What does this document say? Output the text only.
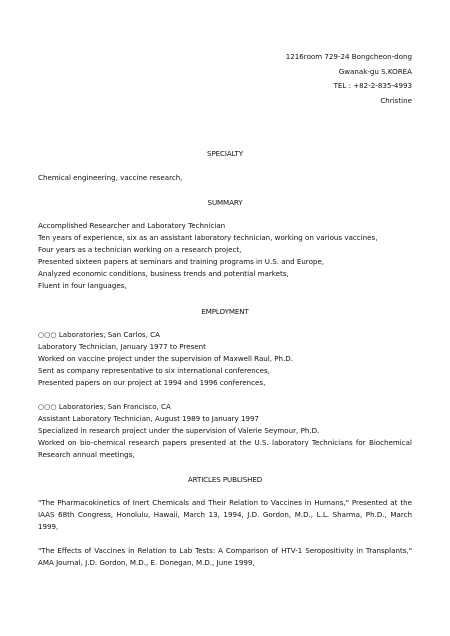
1216room 729-24 Bongcheon-dong
Gwanak-gu S.KOREA
TEL : +82-2-835-4993
Christine
SPECIALTY
Chemical engineering, vaccine research,
SUMMARY
Accomplished Researcher and Laboratory Technician
Ten years of experience, six as an assistant laboratory technician, working on various vaccines,
Four years as a technician working on a research project,
Presented sixteen papers at seminars and training programs in U.S. and Europe,
Analyzed economic conditions, business trends and potential markets,
Fluent in four languages,
EMPLOYMENT
○○○ Laboratories, San Carlos, CA
Laboratory Technician, January 1977 to Present
Worked on vaccine project under the supervision of Maxwell Raul, Ph.D.
Sent as company representative to six international conferences,
Presented papers on our project at 1994 and 1996 conferences,
○○○ Laboratories, San Francisco, CA
Assistant Laboratory Technician, August 1989 to January 1997
Specialized in research project under the supervision of Valerie Seymour, Ph.D.
Worked on bio-chemical research papers presented at the U.S. laboratory Technicians for Biochemical Research annual meetings,
ARTICLES PUBLISHED
"The Pharmacokinetics of Inert Chemicals and Their Relation to Vaccines in Humans," Presented at the IAAS 68th Congress, Honolulu, Hawaii, March 13, 1994, J.D. Gordon, M.D., L.L. Sharma, Ph.D., March 1999,
"The Effects of Vaccines in Relation to Lab Tests: A Comparison of HTV-1 Seropositivity in Transplants," AMA Journal, J.D. Gordon, M.D., E. Donegan, M.D., June 1999,
